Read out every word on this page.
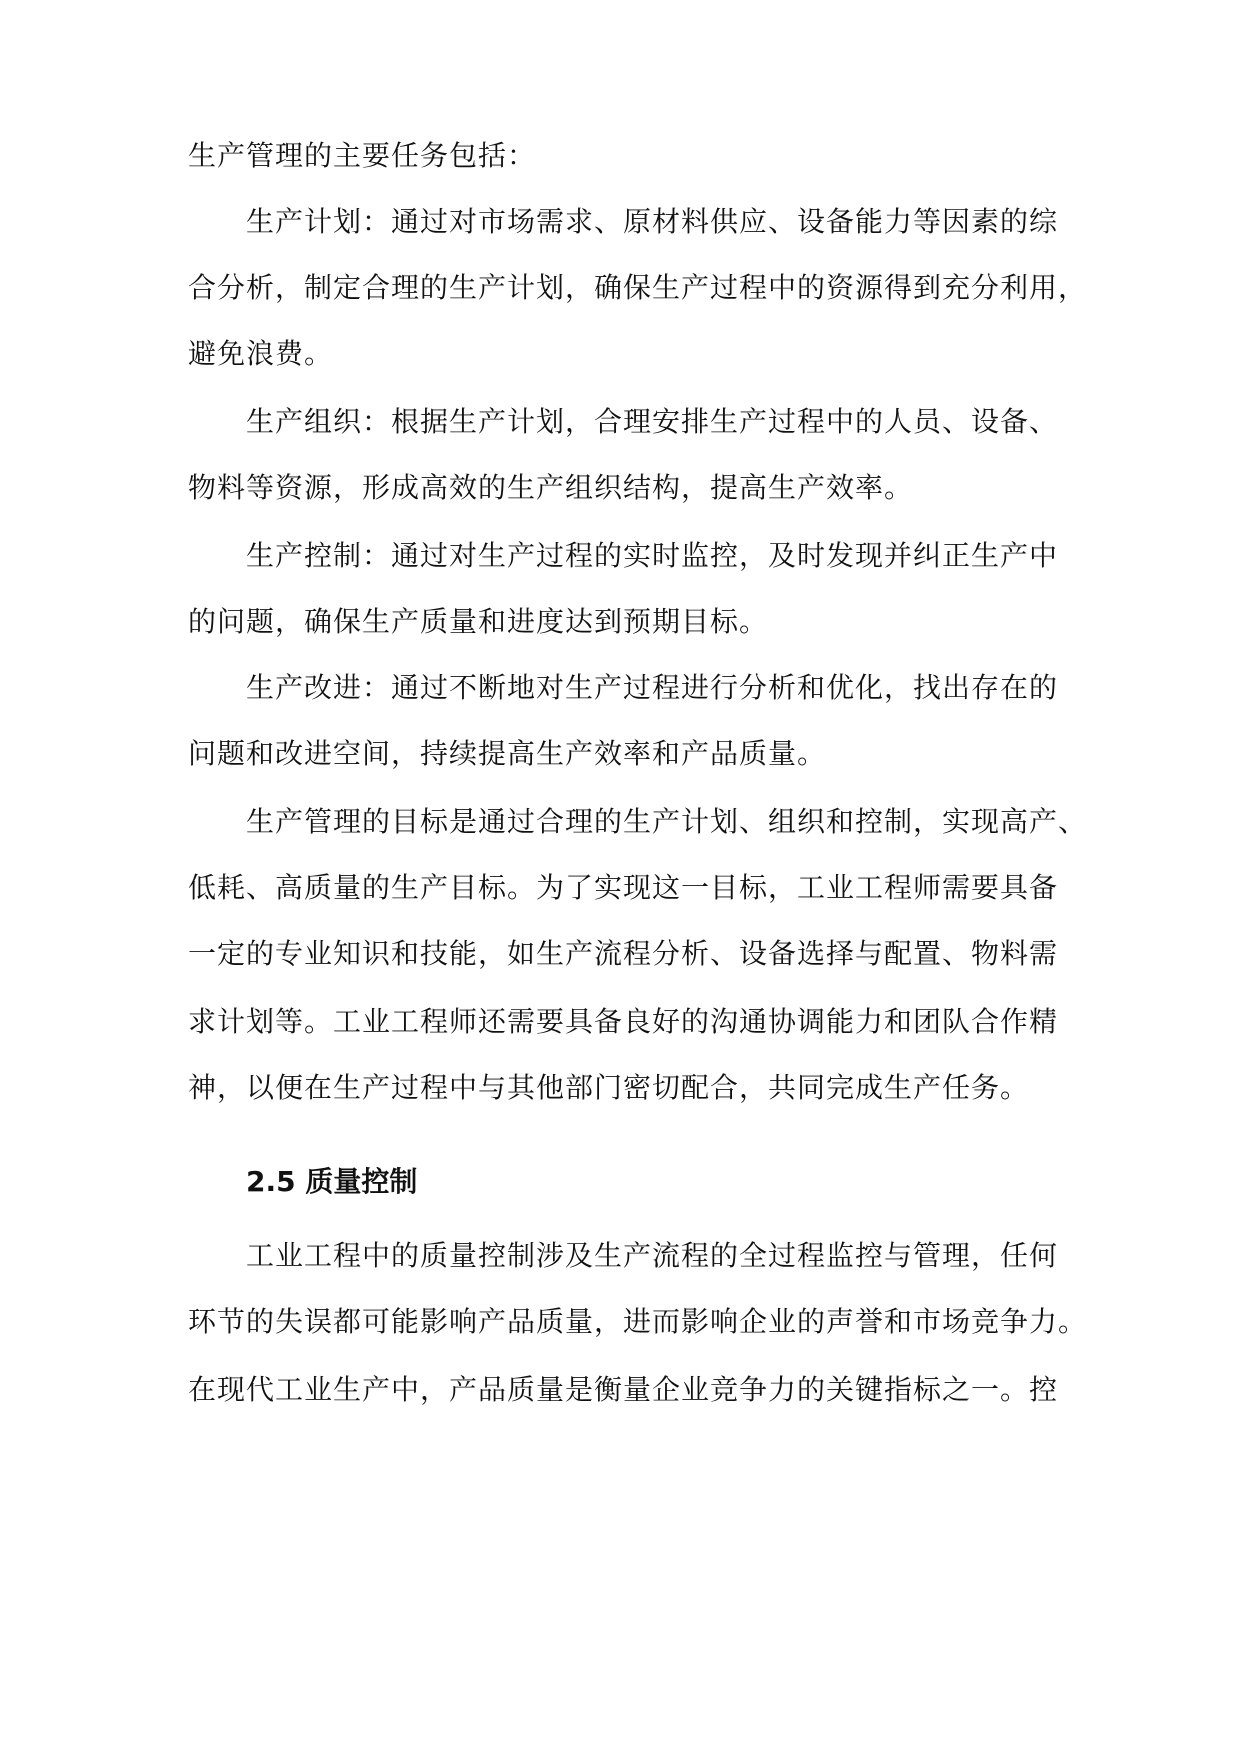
生产管理的主要任务包括：
生产计划：通过对市场需求、原材料供应、设备能力等因素的综
合分析，制定合理的生产计划，确保生产过程中的资源得到充分利用，
避免浪费。
生产组织：根据生产计划，合理安排生产过程中的人员、设备、
物料等资源，形成高效的生产组织结构，提高生产效率。
生产控制：通过对生产过程的实时监控，及时发现并纠正生产中
的问题，确保生产质量和进度达到预期目标。
生产改进：通过不断地对生产过程进行分析和优化，找出存在的
问题和改进空间，持续提高生产效率和产品质量。
生产管理的目标是通过合理的生产计划、组织和控制，实现高产、
低耗、高质量的生产目标。为了实现这一目标，工业工程师需要具备
一定的专业知识和技能，如生产流程分析、设备选择与配置、物料需
求计划等。工业工程师还需要具备良好的沟通协调能力和团队合作精
神，以便在生产过程中与其他部门密切配合，共同完成生产任务。
2.5 质量控制
工业工程中的质量控制涉及生产流程的全过程监控与管理，任何
环节的失误都可能影响产品质量，进而影响企业的声誉和市场竞争力。
在现代工业生产中，产品质量是衡量企业竞争力的关键指标之一。控
